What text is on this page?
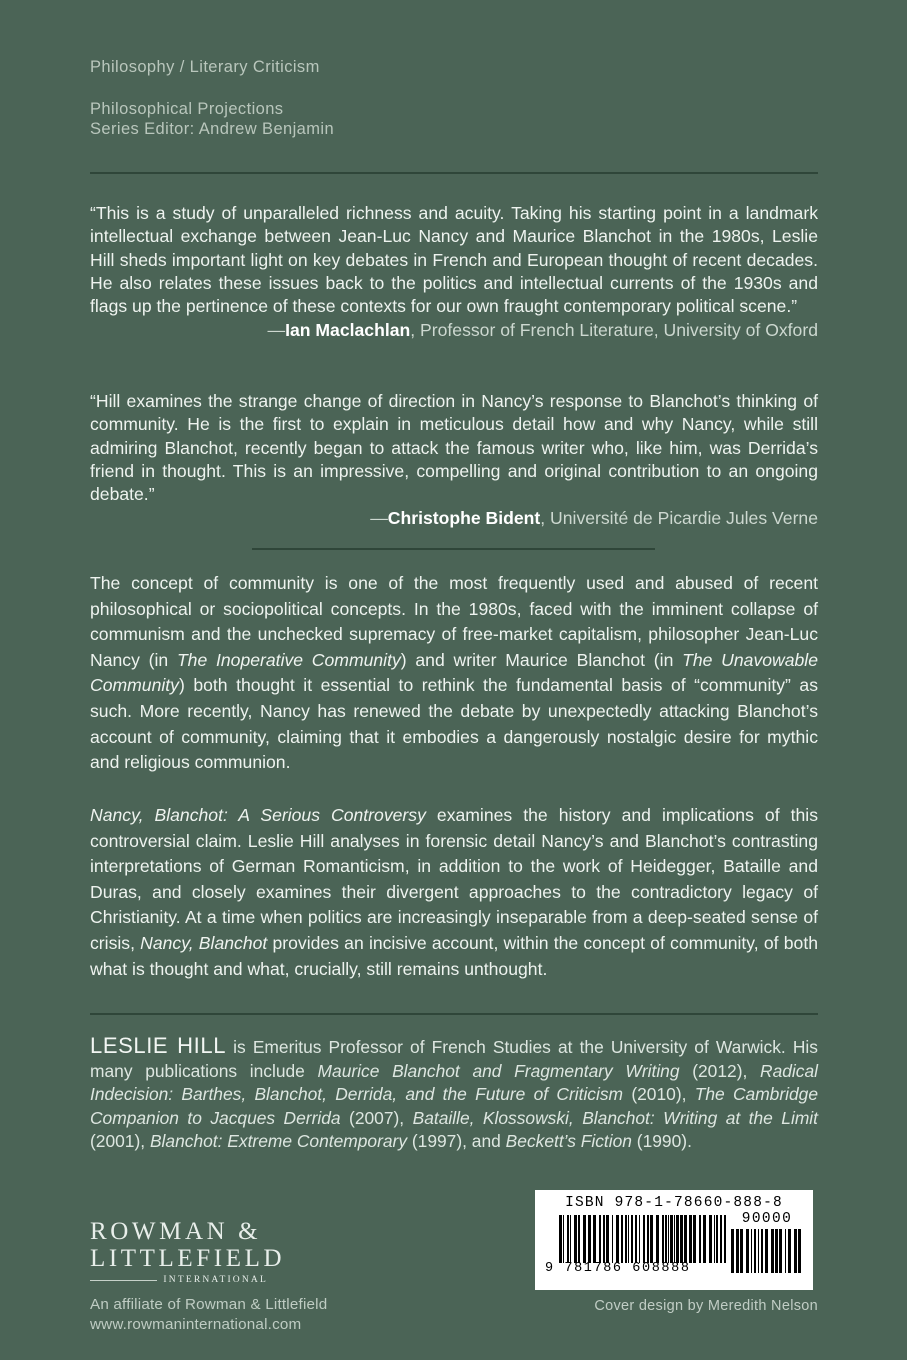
Philosophy / Literary Criticism
Philosophical Projections
Series Editor: Andrew Benjamin

“This is a study of unparalleled richness and acuity. Taking his starting point in a landmark intellectual exchange between Jean-Luc Nancy and Maurice Blanchot in the 1980s, Leslie Hill sheds important light on key debates in French and European thought of recent decades. He also relates these issues back to the politics and intellectual currents of the 1930s and flags up the pertinence of these contexts for our own fraught contemporary political scene.”

—Ian Maclachlan, Professor of French Literature, University of Oxford

“Hill examines the strange change of direction in Nancy’s response to Blanchot’s thinking of community. He is the first to explain in meticulous detail how and why Nancy, while still admiring Blanchot, recently began to attack the famous writer who, like him, was Derrida’s friend in thought. This is an impressive, compelling and original contribution to an ongoing debate.”

—Christophe Bident, Université de Picardie Jules Verne

The concept of community is one of the most frequently used and abused of recent philosophical or sociopolitical concepts. In the 1980s, faced with the imminent collapse of communism and the unchecked supremacy of free-market capitalism, philosopher Jean-Luc Nancy (in The Inoperative Community) and writer Maurice Blanchot (in The Unavowable Community) both thought it essential to rethink the fundamental basis of “community” as such. More recently, Nancy has renewed the debate by unexpectedly attacking Blanchot’s account of community, claiming that it embodies a dangerously nostalgic desire for mythic and religious communion.

Nancy, Blanchot: A Serious Controversy examines the history and implications of this controversial claim. Leslie Hill analyses in forensic detail Nancy’s and Blanchot’s contrasting interpretations of German Romanticism, in addition to the work of Heidegger, Bataille and Duras, and closely examines their divergent approaches to the contradictory legacy of Christianity. At a time when politics are increasingly inseparable from a deep-seated sense of crisis, Nancy, Blanchot provides an incisive account, within the concept of community, of both what is thought and what, crucially, still remains unthought.

LESLIE HILL is Emeritus Professor of French Studies at the University of Warwick. His many publications include Maurice Blanchot and Fragmentary Writing (2012), Radical Indecision: Barthes, Blanchot, Derrida, and the Future of Criticism (2010), The Cambridge Companion to Jacques Derrida (2007), Bataille, Klossowski, Blanchot: Writing at the Limit (2001), Blanchot: Extreme Contemporary (1997), and Beckett’s Fiction (1990).

ROWMAN &
LITTLEFIELD
INTERNATIONAL
An affiliate of Rowman & Littlefield
www.rowmaninternational.com
ISBN 978-1-78660-888-8
9 781786 608888
90000
Cover design by Meredith Nelson
